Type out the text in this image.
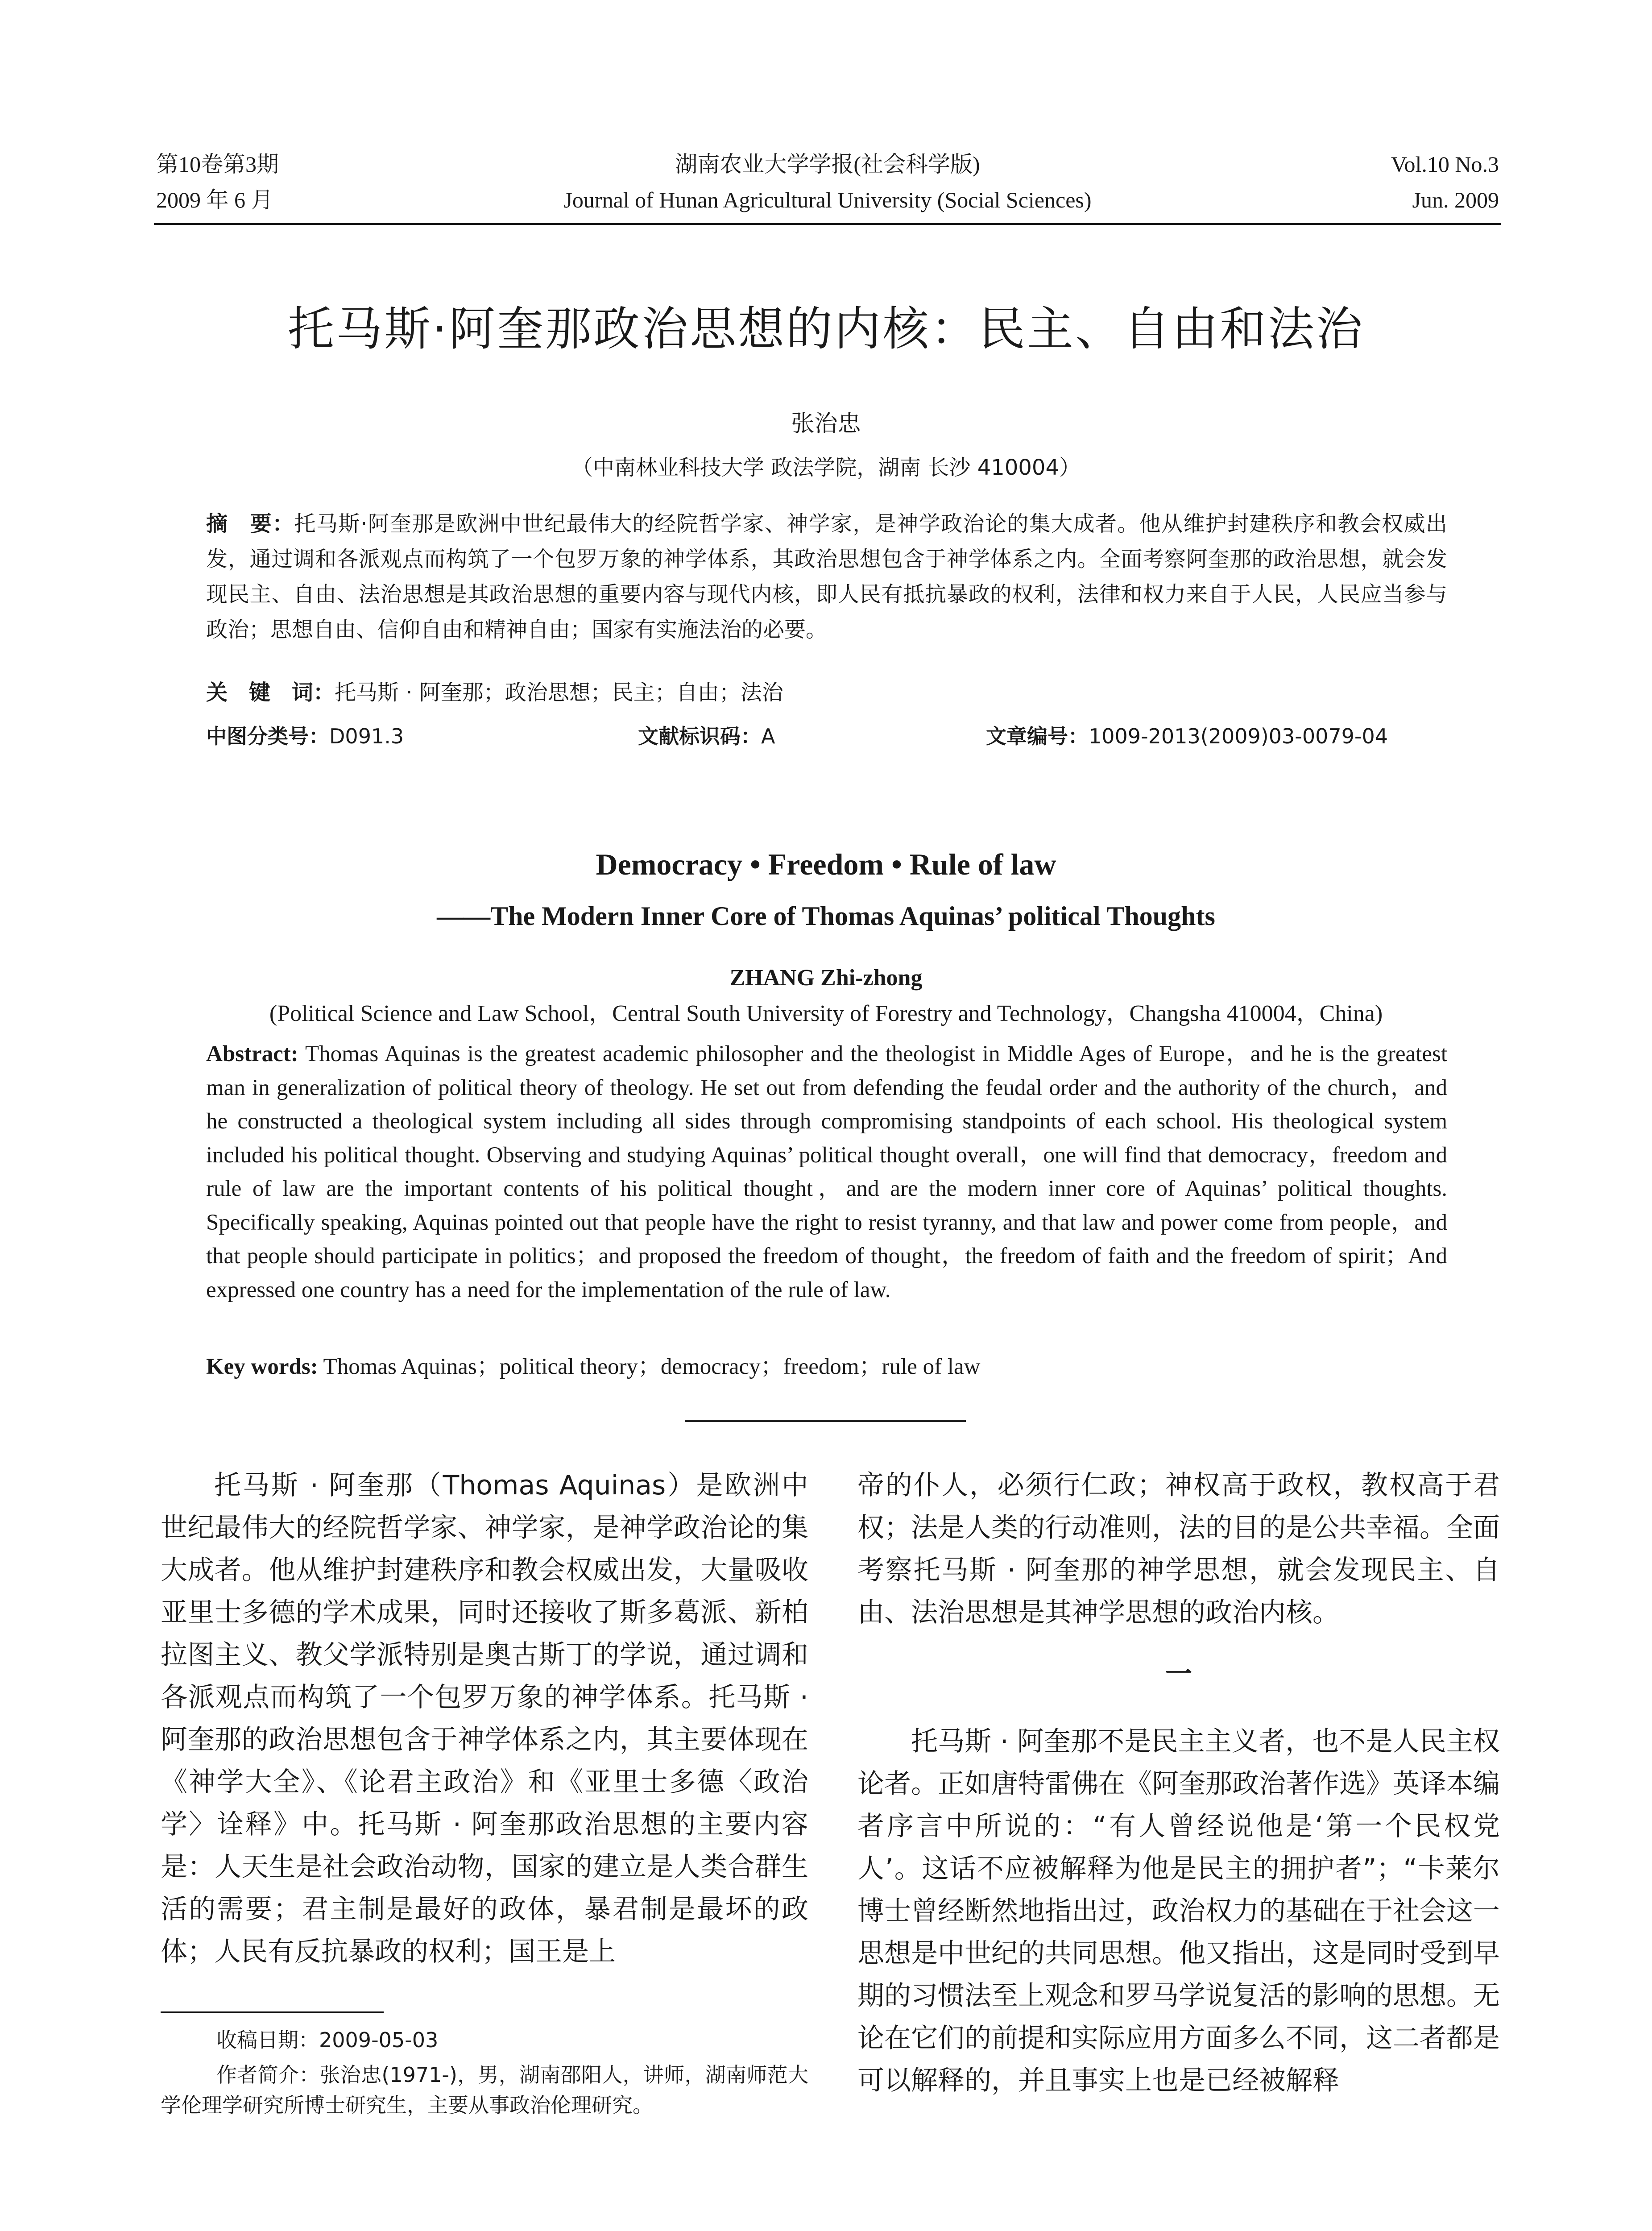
第10卷第3期	湖南农业大学学报(社会科学版)	Vol.10 No.3
2009 年 6 月	Journal of Hunan Agricultural University (Social Sciences)	Jun. 2009
托马斯·阿奎那政治思想的内核：民主、自由和法治
张治忠
（中南林业科技大学 政法学院，湖南 长沙 410004）
摘　要：托马斯·阿奎那是欧洲中世纪最伟大的经院哲学家、神学家，是神学政治论的集大成者。他从维护封建秩序和教会权威出发，通过调和各派观点而构筑了一个包罗万象的神学体系，其政治思想包含于神学体系之内。全面考察阿奎那的政治思想，就会发现民主、自由、法治思想是其政治思想的重要内容与现代内核，即人民有抵抗暴政的权利，法律和权力来自于人民，人民应当参与政治；思想自由、信仰自由和精神自由；国家有实施法治的必要。
关　键　词：托马斯 · 阿奎那；政治思想；民主；自由；法治
中图分类号：D091.3	文献标识码：A	文章编号：1009-2013(2009)03-0079-04
Democracy • Freedom • Rule of law
——The Modern Inner Core of Thomas Aquinas’ political Thoughts
ZHANG Zhi-zhong
(Political Science and Law School，Central South University of Forestry and Technology，Changsha 410004，China)
Abstract: Thomas Aquinas is the greatest academic philosopher and the theologist in Middle Ages of Europe，and he is the greatest man in generalization of political theory of theology. He set out from defending the feudal order and the authority of the church，and he constructed a theological system including all sides through compromising standpoints of each school. His theological system included his political thought. Observing and studying Aquinas’ political thought overall，one will find that democracy，freedom and rule of law are the important contents of his political thought，and are the modern inner core of Aquinas’ political thoughts. Specifically speaking, Aquinas pointed out that people have the right to resist tyranny, and that law and power come from people，and that people should participate in politics；and proposed the freedom of thought，the freedom of faith and the freedom of spirit；And expressed one country has a need for the implementation of the rule of law.
Key words: Thomas Aquinas；political theory；democracy；freedom；rule of law
托马斯 · 阿奎那（Thomas Aquinas）是欧洲中世纪最伟大的经院哲学家、神学家，是神学政治论的集大成者。他从维护封建秩序和教会权威出发，大量吸收亚里士多德的学术成果，同时还接收了斯多葛派、新柏拉图主义、教父学派特别是奥古斯丁的学说，通过调和各派观点而构筑了一个包罗万象的神学体系。托马斯 · 阿奎那的政治思想包含于神学体系之内，其主要体现在《神学大全》、《论君主政治》和《亚里士多德〈政治学〉诠释》中。托马斯 · 阿奎那政治思想的主要内容是：人天生是社会政治动物，国家的建立是人类合群生活的需要；君主制是最好的政体，暴君制是最坏的政体；人民有反抗暴政的权利；国王是上
帝的仆人，必须行仁政；神权高于政权，教权高于君权；法是人类的行动准则，法的目的是公共幸福。全面考察托马斯 · 阿奎那的神学思想，就会发现民主、自由、法治思想是其神学思想的政治内核。
一
托马斯 · 阿奎那不是民主主义者，也不是人民主权论者。正如唐特雷佛在《阿奎那政治著作选》英译本编者序言中所说的：“有人曾经说他是‘第一个民权党人’。这话不应被解释为他是民主的拥护者”；“卡莱尔博士曾经断然地指出过，政治权力的基础在于社会这一思想是中世纪的共同思想。他又指出，这是同时受到早期的习惯法至上观念和罗马学说复活的影响的思想。无论在它们的前提和实际应用方面多么不同，这二者都是可以解释的，并且事实上也是已经被解释
收稿日期：2009-05-03
作者简介：张治忠(1971-)，男，湖南邵阳人，讲师，湖南师范大学伦理学研究所博士研究生，主要从事政治伦理研究。
